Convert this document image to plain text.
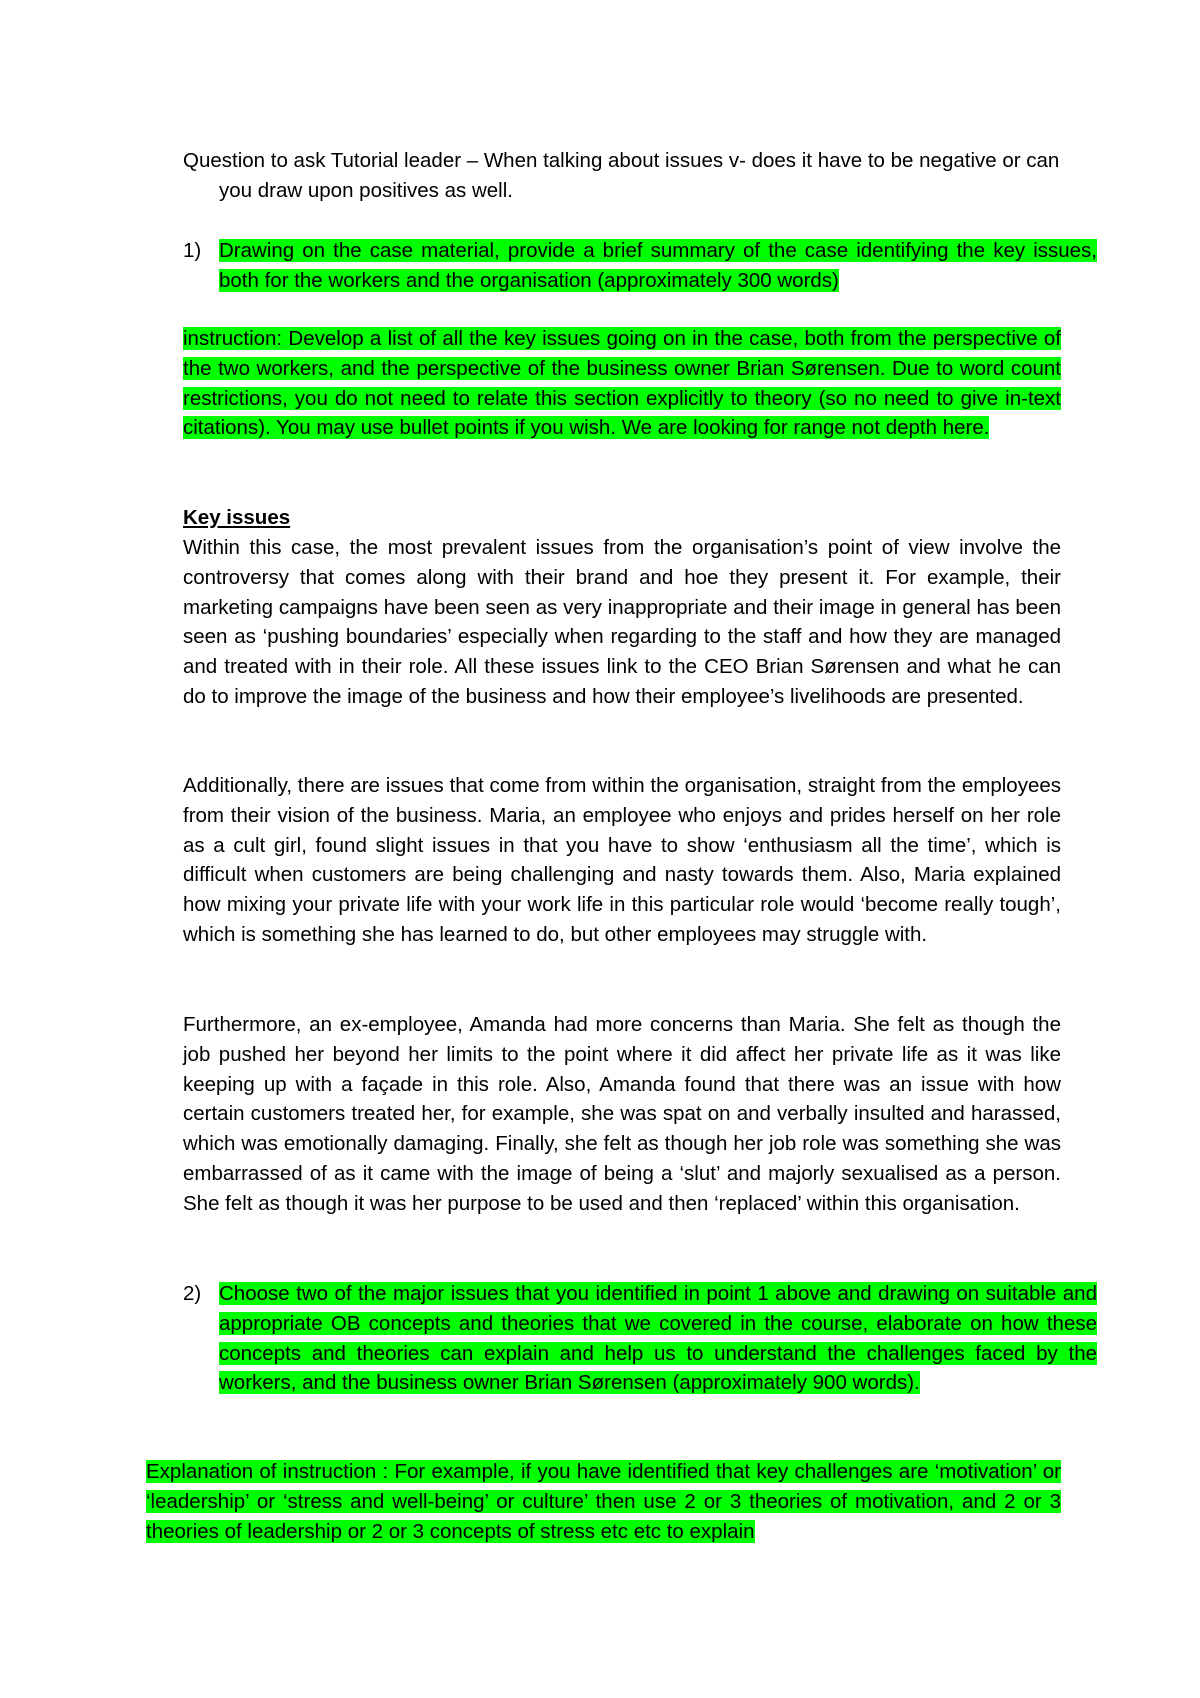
Question to ask Tutorial leader – When talking about issues v- does it have to be negative or can you draw upon positives as well.

1) Drawing on the case material, provide a brief summary of the case identifying the key issues, both for the workers and the organisation (approximately 300 words)

instruction: Develop a list of all the key issues going on in the case, both from the perspective of the two workers, and the perspective of the business owner Brian Sørensen. Due to word count restrictions, you do not need to relate this section explicitly to theory (so no need to give in-text citations). You may use bullet points if you wish. We are looking for range not depth here.

Key issues

Within this case, the most prevalent issues from the organisation’s point of view involve the controversy that comes along with their brand and hoe they present it. For example, their marketing campaigns have been seen as very inappropriate and their image in general has been seen as ‘pushing boundaries’ especially when regarding to the staff and how they are managed and treated with in their role. All these issues link to the CEO Brian Sørensen and what he can do to improve the image of the business and how their employee’s livelihoods are presented.

Additionally, there are issues that come from within the organisation, straight from the employees from their vision of the business. Maria, an employee who enjoys and prides herself on her role as a cult girl, found slight issues in that you have to show ‘enthusiasm all the time’, which is difficult when customers are being challenging and nasty towards them. Also, Maria explained how mixing your private life with your work life in this particular role would ‘become really tough’, which is something she has learned to do, but other employees may struggle with.

Furthermore, an ex-employee, Amanda had more concerns than Maria. She felt as though the job pushed her beyond her limits to the point where it did affect her private life as it was like keeping up with a façade in this role. Also, Amanda found that there was an issue with how certain customers treated her, for example, she was spat on and verbally insulted and harassed, which was emotionally damaging. Finally, she felt as though her job role was something she was embarrassed of as it came with the image of being a ‘slut’ and majorly sexualised as a person. She felt as though it was her purpose to be used and then ‘replaced’ within this organisation.

2) Choose two of the major issues that you identified in point 1 above and drawing on suitable and appropriate OB concepts and theories that we covered in the course, elaborate on how these concepts and theories can explain and help us to understand the challenges faced by the workers, and the business owner Brian Sørensen (approximately 900 words).

Explanation of instruction : For example, if you have identified that key challenges are ‘motivation’ or ‘leadership’ or ‘stress and well-being’ or culture’ then use 2 or 3 theories of motivation, and 2 or 3 theories of leadership or 2 or 3 concepts of stress etc etc to explain
